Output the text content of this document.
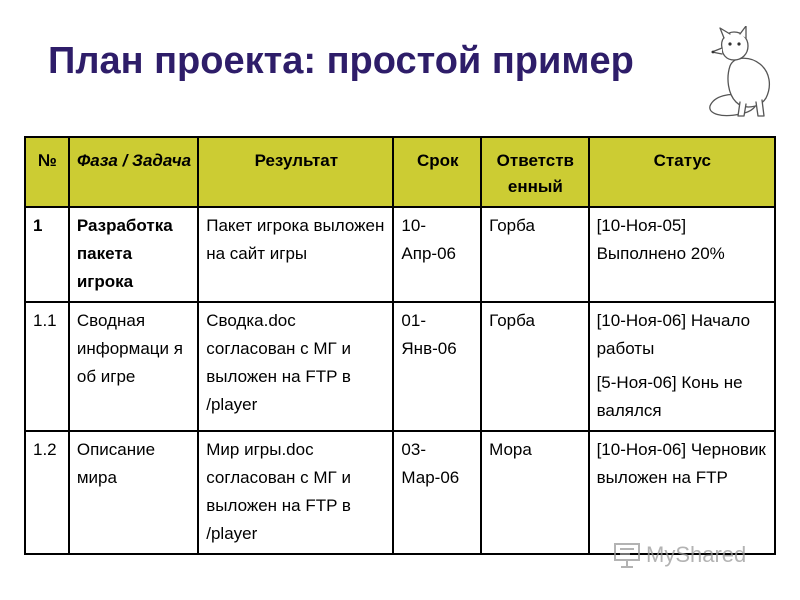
План проекта: простой пример
№	Фаза / Задача	Результат	Срок	Ответств енный	Статус
1	Разработка пакета игрока	Пакет игрока выложен на сайт игры	10-Апр-06	Горба	[10-Ноя-05] Выполнено 20%

1.1	Сводная информаци я об игре	Сводка.doc согласован с МГ и выложен на FTP в /player	01-Янв-06	Горба	[10-Ноя-06] Начало работы
[5-Ноя-06] Конь не валялся

1.2	Описание мира	Мир игры.doc согласован с МГ и выложен на FTP в /player	03-Мар-06	Мора	[10-Ноя-06] Черновик выложен на FTP
MyShared
